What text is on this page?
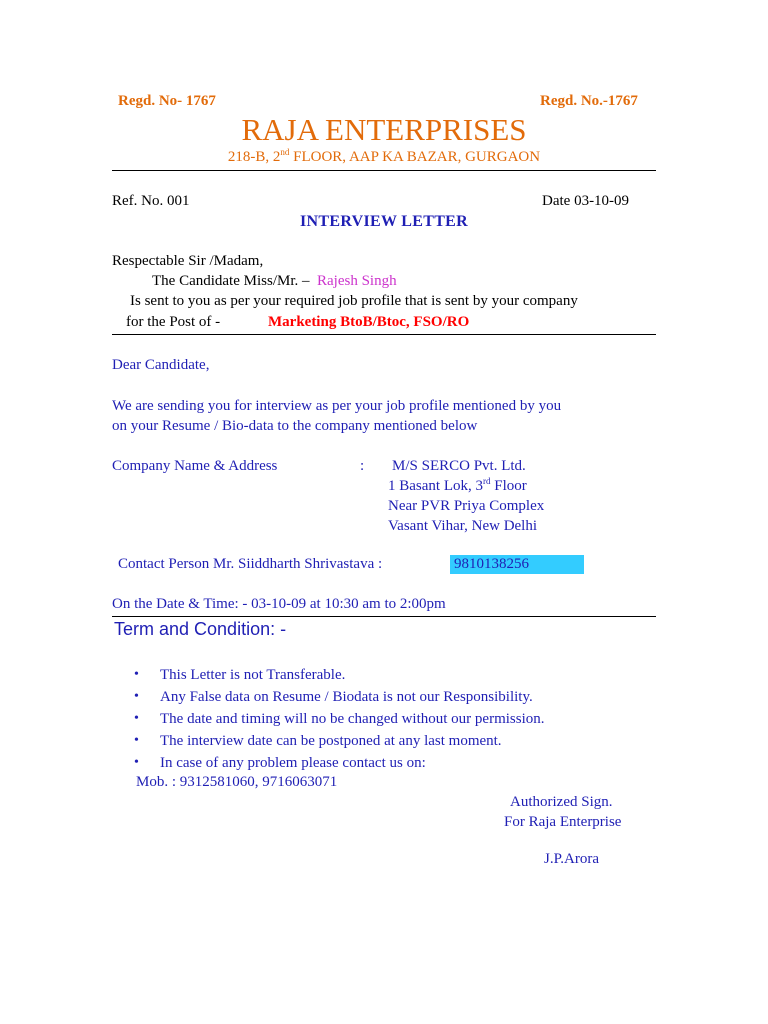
Regd. No- 1767	Regd. No.-1767
RAJA ENTERPRISES
218-B, 2nd FLOOR, AAP KA BAZAR, GURGAON
Ref. No. 001	Date 03-10-09
INTERVIEW LETTER
Respectable Sir /Madam,
The Candidate Miss/Mr. – Rajesh Singh
Is sent to you as per your required job profile that is sent by your company
for the Post of -	Marketing BtoB/Btoc, FSO/RO
Dear Candidate,
We are sending you for interview as per your job profile mentioned by you
on your Resume / Bio-data to the company mentioned below
Company Name & Address	: M/S SERCO Pvt. Ltd.
1 Basant Lok, 3rd Floor
Near PVR Priya Complex
Vasant Vihar, New Delhi
Contact Person Mr. Siiddharth Shrivastava :	9810138256
On the Date & Time: - 03-10-09 at 10:30 am to 2:00pm
Term and Condition: -
• This Letter is not Transferable.
• Any False data on Resume / Biodata is not our Responsibility.
• The date and timing will no be changed without our permission.
• The interview date can be postponed at any last moment.
• In case of any problem please contact us on:
Mob. : 9312581060, 9716063071
Authorized Sign.
For Raja Enterprise
J.P.Arora
